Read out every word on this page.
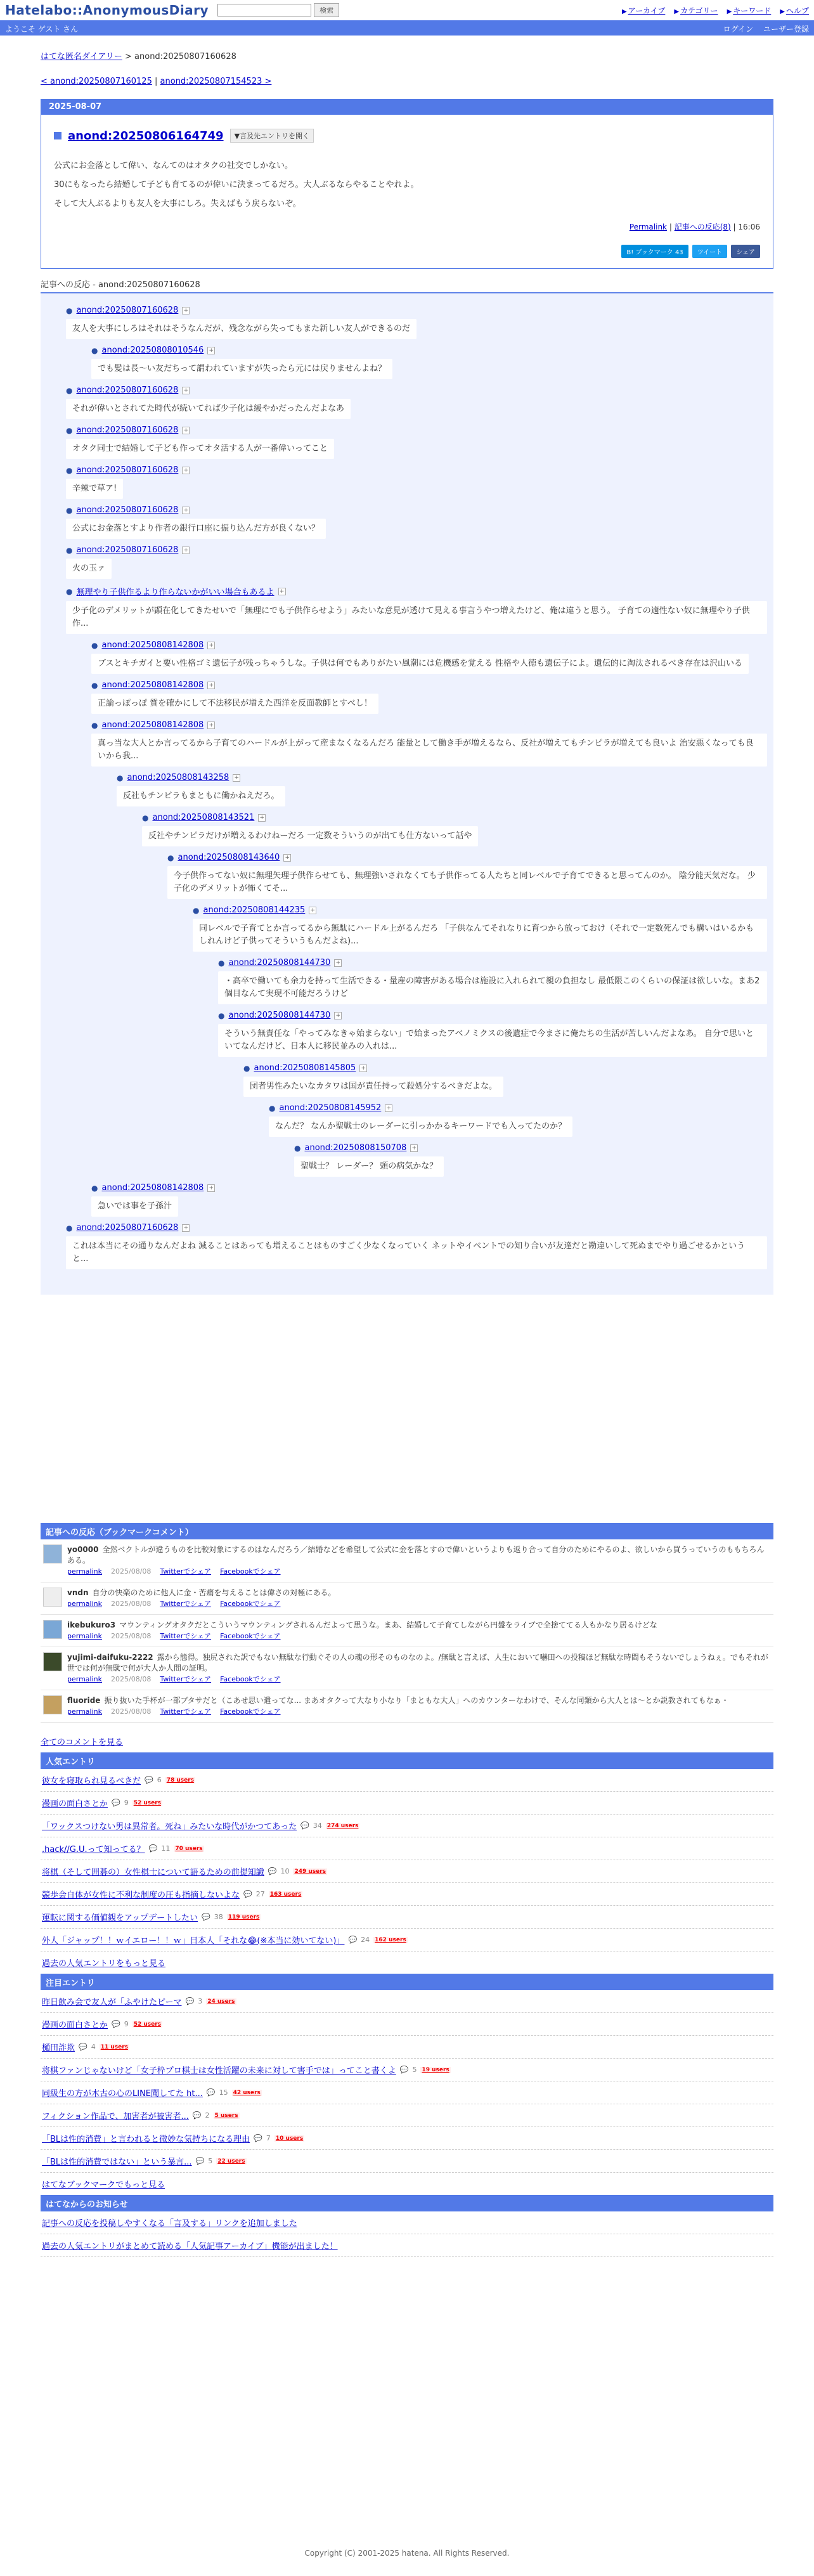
Hatelabo::AnonymousDiary	検索	▶ アーカイブ ▶ カテゴリー ▶ キーワード ▶ ヘルプ
ようこそ ゲスト さん	ログイン ユーザー登録
はてな匿名ダイアリー > anond:20250807160628
< anond:20250807160125 | anond:20250807154523 >
2025-08-07
anond:20250806164749	▼言及先エントリを開く
公式にお金落として偉い、なんてのはオタクの社交でしかない。
30にもなったら結婚して子ども育てるのが偉いに決まってるだろ。大人ぶるならやることやれよ。
そして大人ぶるよりも友人を大事にしろ。失えばもう戻らないぞ。
Permalink | 記事への反応(8) | 16:06
B! ブックマーク 43	ツイート	シェア
記事への反応 - anond:20250807160628
● anond:20250807160628 +
友人を大事にしろはそれはそうなんだが、残念ながら失ってもまた新しい友人ができるのだ
● anond:20250808010546 +
でも髪は長〜い友だちって謂われていますが失ったら元には戻りませんよね？
● anond:20250807160628 +
それが偉いとされてた時代が続いてれば少子化は緩やかだったんだよなあ
● anond:20250807160628 +
オタク同士で結婚して子ども作ってオタ活する人が一番偉いってこと
● anond:20250807160628 +
辛辣で草ア!
● anond:20250807160628 +
公式にお金落とすより作者の銀行口座に振り込んだ方が良くない？
● anond:20250807160628 +
火の玉ァ
● 無理やり子供作るより作らないかがいい場合もあるよ +
少子化のデメリットが顕在化してきたせいで「無理にでも子供作らせよう」みたいな意見が透けて見える事言うやつ増えたけど、俺は違うと思う。 子育ての適性ない奴に無理やり子供作...
● anond:20250808142808 +
ブスとキチガイと要い性格ゴミ遺伝子が残っちゃうしな。子供は何でもありがたい風潮には危機感を覚える 性格や人徳も遺伝子によ。遺伝的に淘汰されるべき存在は沢山いる
● anond:20250808142808 +
正論っぽっぽ 質を確かにして不法移民が増えた西洋を反面教師とすべし！
● anond:20250808142808 +
真っ当な大人とか言ってるから子育てのハードルが上がって産まなくなるんだろ 能量として働き手が増えるなら、反社が増えてもチンピラが増えても良いよ 治安悪くなっても良いから我...
● anond:20250808143258 +
反社もチンピラもまともに働かねえだろ。
● anond:20250808143521 +
反社やチンピラだけが増えるわけねーだろ 一定数そういうのが出ても仕方ないって話や
● anond:20250808143640 +
今子供作ってない奴に無理矢理子供作らせても、無理強いされなくても子供作ってる人たちと同レベルで子育てできると思ってんのか。 陰分能天気だな。 少子化のデメリットが怖くてそ...
● anond:20250808144235 +
同レベルで子育てとか言ってるから無駄にハードル上がるんだろ 「子供なんてそれなりに育つから放っておけ（それで一定数死んでも構いはいるかもしれんけど子供ってそういうもんだよね)...
● anond:20250808144730 +
・高卒で働いても余力を持って生活できる・量産の障害がある場合は施設に入れられて親の負担なし 最低限このくらいの保証は欲しいな。まあ2個目なんて実現不可能だろうけど
● anond:20250808144730 +
そういう無責任な「やってみなきゃ始まらない」で始まったアベノミクスの後遺症で今まさに俺たちの生活が苦しいんだよなあ。 自分で思いといてなんだけど、日本人に移民並みの入れは...
● anond:20250808145805 +
団者男性みたいなカタワは国が責任持って殺処分するべきだよな。
● anond:20250808145952 +
なんだ？ なんか聖戦士のレーダーに引っかかるキーワードでも入ってたのか？
● anond:20250808150708 +
聖戦士？ レーダー？ 頭の病気かな？
● anond:20250808142808 +
急いでは事を子孫汁
● anond:20250807160628 +
これは本当にその通りなんだよね 減ることはあっても増えることはものすごく少なくなっていく ネットやイベントでの知り合いが友達だと勘違いして死ぬまでやり過ごせるかというと...
記事への反応（ブックマークコメント）
yo0000 全然ベクトルが違うものを比較対象にするのはなんだろう／結婚などを希望して公式に金を落とすので偉いというよりも返り合って自分のためにやるのよ、欲しいから買うっていうのももちろんある。
permalink 2025/08/08 Twitterでシェア Facebookでシェア
vndn 自分の快楽のために他人に金・苦痛を与えることは偉さの対極にある。
permalink 2025/08/08 Twitterでシェア Facebookでシェア
ikebukuro3 マウンティングオタクだとこういうマウンティングされるんだよって思うな。まあ、結婚して子育てしながら円盤をライブで全捨ててる人もかなり居るけどな
permalink 2025/08/08 Twitterでシェア Facebookでシェア
yujimi-daifuku-2222 露から態得。独尻された訳でもない無駄な行動ぐその人の魂の形そのものなのよ。/無駄と言えば、人生において嚇田への投稿ほど無駄な時間もそうないでしょうねぇ。でもそれが世では何が無駄で何が大人か人間の証明。
permalink 2025/08/08 Twitterでシェア Facebookでシェア
fluoride 振り抜いた手杯が一部ブタサだと（こあせ思い遣ってな... まあオタクって大なり小なり「まともな大人」へのカウンターなわけで、そんな同類から大人とは〜とか説教されてもなぁ・
permalink 2025/08/08 Twitterでシェア Facebookでシェア
全てのコメントを見る
人気エントリ
彼女を寝取られ見るべきだ 💬 6 78 users
漫画の面白さとか 💬 9 52 users
「ワックスつけない男は異常者。死ね」みたいな時代がかつてあった 💬 34 274 users
.hack//G.U.って知ってる？ 💬 11 70 users
将棋（そして囲碁の）女性棋士について語るための前提知識 💬 10 249 users
競歩会自体が女性に不利な制度の圧も指摘しないよな 💬 27 163 users
運転に関する価値観をアップデートしたい 💬 38 119 users
外人「ジャップ！！ｗイエロー！！ｗ」日本人「それな😂(※本当に効いてない)」 💬 24 162 users
過去の人気エントリをもっと見る
注目エントリ
昨日飲み会で友人が「ふやけたピーマ 💬 3 24 users
漫画の面白さとか 💬 9 52 users
樋田詐欺 💬 4 11 users
将棋ファンじゃないけど「女子枠プロ棋士は女性活躍の未来に対して害手では」ってこと書くよ 💬 5 19 users
同級生の方が木古の心のLINE聞してた ht... 💬 15 42 users
フィクション作品で、加害者が被害者... 💬 2 5 users
「BLは性的消費」と言われると微妙な気持ちになる理由 💬 7 10 users
「BLは性的消費ではない」という暴言... 💬 5 22 users
はてなブックマークでもっと見る
はてなからのお知らせ
記事への反応を投稿しやすくなる「言及する」リンクを追加しました
過去の人気エントリがまとめて読める「人気記事アーカイブ」機能が出ました！
Copyright (C) 2001-2025 hatena. All Rights Reserved.
